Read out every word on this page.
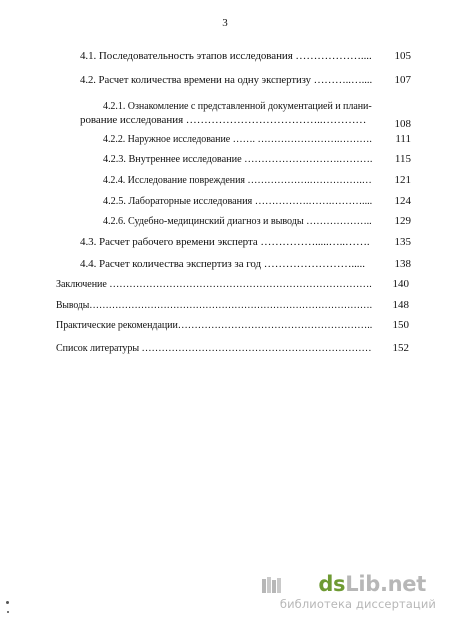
3
4.1. Последовательность этапов исследования ………………....	105
4.2. Расчет количества времени на одну экспертизу ………..…....	107
4.2.1. Ознакомление с представленной документацией и плани-
рование исследования ………………………………..…………	108
4.2.2. Наружное исследование ……. …………………….……….	111
4.2.3. Внутреннее исследование ……………………….……….	115
4.2.4. Исследование повреждения ……………….…………….…	121
4.2.5. Лабораторные исследования …………….…….………....	124
4.2.6. Судебно-медицинский диагноз и выводы ………………..	129
4.3. Расчет рабочего времени эксперта …………….....…..…….	135
4.4. Расчет количества экспертиз за год …………………….....	138
Заключение …………………………………………………………………….	140
Выводы…………………………………………………………………………….	148
Практические рекомендации…………………………………………………..	150
Список литературы ……………………………………………………………	152
dsLib.net
библиотека диссертаций
